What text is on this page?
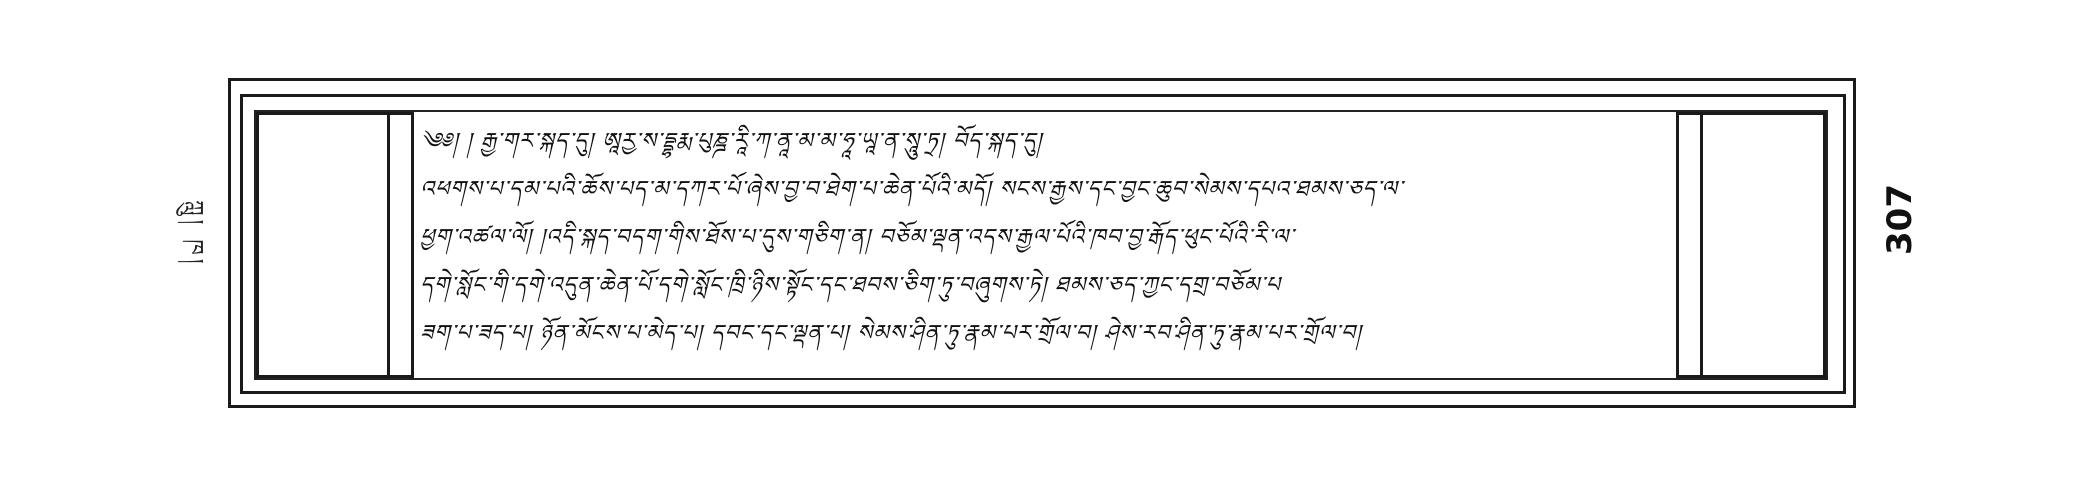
ཀླུ། ཁ།
༄༅། ། རྒྱ་གར་སྐད་དུ། ཨཱརྱ་ས་དྡྷརྨ་པུཎྜ་རཱི་ཀ་ནཱ་མ་མ་ཧཱ་ཡཱ་ན་སཱུ་ཏྲ། བོད་སྐད་དུ།
འཕགས་པ་དམ་པའི་ཆོས་པད་མ་དཀར་པོ་ཞེས་བྱ་བ་ཐེག་པ་ཆེན་པོའི་མདོ། སངས་རྒྱས་དང་བྱང་ཆུབ་སེམས་དཔའ་ཐམས་ཅད་ལ་
ཕྱག་འཚལ་ལོ། །འདི་སྐད་བདག་གིས་ཐོས་པ་དུས་གཅིག་ན། བཅོམ་ལྡན་འདས་རྒྱལ་པོའི་ཁབ་བྱ་རྒོད་ཕུང་པོའི་རི་ལ་
དགེ་སློང་གི་དགེ་འདུན་ཆེན་པོ་དགེ་སློང་ཁྲི་ཉིས་སྟོང་དང་ཐབས་ཅིག་ཏུ་བཞུགས་ཏེ། ཐམས་ཅད་ཀྱང་དགྲ་བཅོམ་པ
ཟག་པ་ཟད་པ། ཉོན་མོངས་པ་མེད་པ། དབང་དང་ལྡན་པ། སེམས་ཤིན་ཏུ་རྣམ་པར་གྲོལ་བ། ཤེས་རབ་ཤིན་ཏུ་རྣམ་པར་གྲོལ་བ།
307
